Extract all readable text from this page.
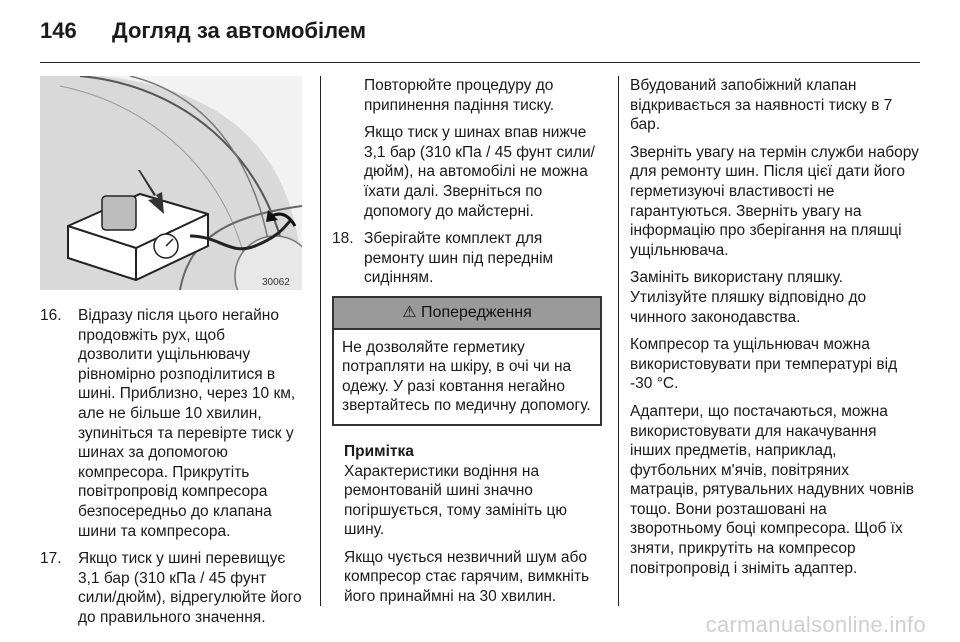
146	Догляд за автомобілем
30062
16.	Відразу після цього негайно продовжіть рух, щоб дозволити ущільнювачу рівномірно розподілитися в шині. Приблизно, через 10 км, але не більше 10 хвилин, зупиніться та перевірте тиск у шинах за допомогою компресора. Прикрутіть повітропровід компресора безпосередньо до клапана шини та компресора.
17.	Якщо тиск у шині перевищує 3,1 бар (310 кПа / 45 фунт сили/дюйм), відрегулюйте його до правильного значення.

Повторюйте процедуру до припинення падіння тиску.

Якщо тиск у шинах впав нижче 3,1 бар (310 кПа / 45 фунт сили/дюйм), на автомобілі не можна їхати далі. Зверніться по допомогу до майстерні.

18. Зберігайте комплект для ремонту шин під переднім сидінням.
⚠ Попередження
Не дозволяйте герметику потрапляти на шкіру, в очі чи на одежу. У разі ковтання негайно звертайтесь по медичну допомогу.
Примітка

Характеристики водіння на ремонтованій шині значно погіршується, тому замініть цю шину.

Якщо чується незвичний шум або компресор стає гарячим, вимкніть його принаймні на 30 хвилин.

Вбудований запобіжний клапан відкривається за наявності тиску в 7 бар.

Зверніть увагу на термін служби набору для ремонту шин. Після цієї дати його герметизуючі властивості не гарантуються. Зверніть увагу на інформацію про зберігання на пляшці ущільнювача.

Замініть використану пляшку. Утилізуйте пляшку відповідно до чинного законодавства.

Компресор та ущільнювач можна використовувати при температурі від -30 °C.

Адаптери, що постачаються, можна використовувати для накачування інших предметів, наприклад, футбольних м'ячів, повітряних матраців, рятувальних надувних човнів тощо. Вони розташовані на зворотньому боці компресора. Щоб їх зняти, прикрутіть на компресор повітропровід і зніміть адаптер.

carmanualsonline.info
